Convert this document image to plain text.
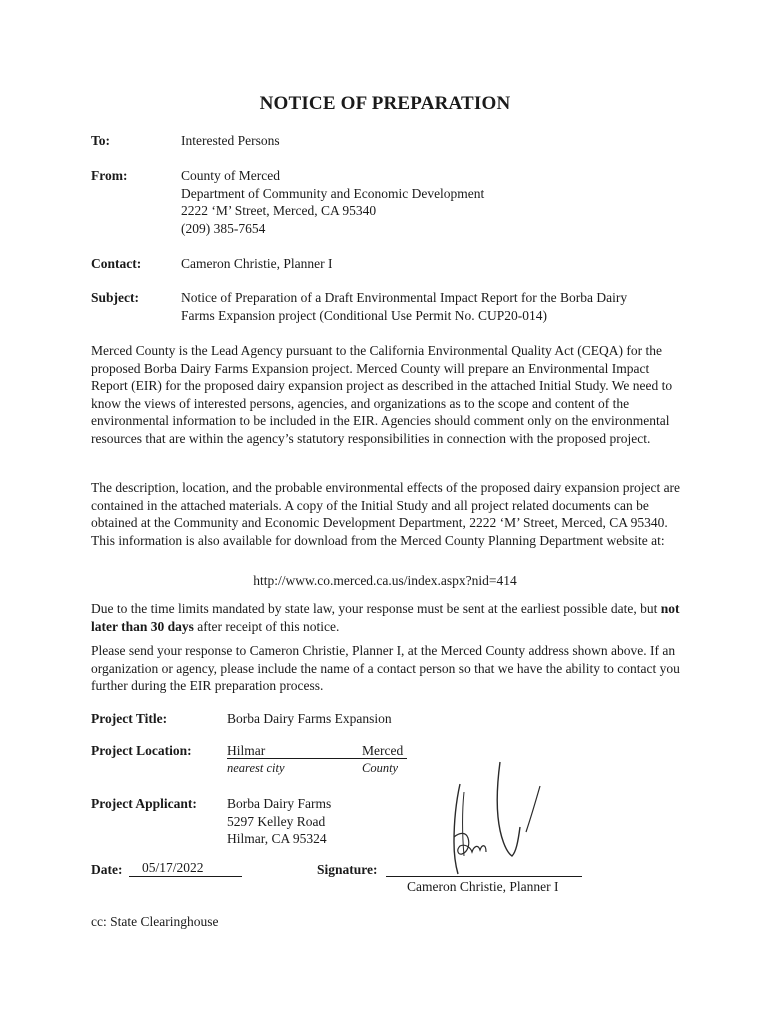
NOTICE OF PREPARATION
To:	Interested Persons
From:	County of Merced
Department of Community and Economic Development
2222 ‘M’ Street, Merced, CA 95340
(209) 385-7654
Contact:	Cameron Christie, Planner I
Subject:	Notice of Preparation of a Draft Environmental Impact Report for the Borba Dairy
Farms Expansion project (Conditional Use Permit No. CUP20-014)
Merced County is the Lead Agency pursuant to the California Environmental Quality Act (CEQA) for the proposed Borba Dairy Farms Expansion project. Merced County will prepare an Environmental Impact Report (EIR) for the proposed dairy expansion project as described in the attached Initial Study. We need to know the views of interested persons, agencies, and organizations as to the scope and content of the environmental information to be included in the EIR. Agencies should comment only on the environmental resources that are within the agency’s statutory responsibilities in connection with the proposed project.
The description, location, and the probable environmental effects of the proposed dairy expansion project are contained in the attached materials. A copy of the Initial Study and all project related documents can be obtained at the Community and Economic Development Department, 2222 ‘M’ Street, Merced, CA 95340. This information is also available for download from the Merced County Planning Department website at:
http://www.co.merced.ca.us/index.aspx?nid=414
Due to the time limits mandated by state law, your response must be sent at the earliest possible date, but not later than 30 days after receipt of this notice.
Please send your response to Cameron Christie, Planner I, at the Merced County address shown above. If an organization or agency, please include the name of a contact person so that we have the ability to contact you further during the EIR preparation process.
Project Title:	Borba Dairy Farms Expansion
Project Location:	Hilmar	Merced
nearest city	County
Project Applicant: Borba Dairy Farms
5297 Kelley Road
Hilmar, CA 95324
Date: 05/17/2022	Signature:
Cameron Christie, Planner I
cc: State Clearinghouse
